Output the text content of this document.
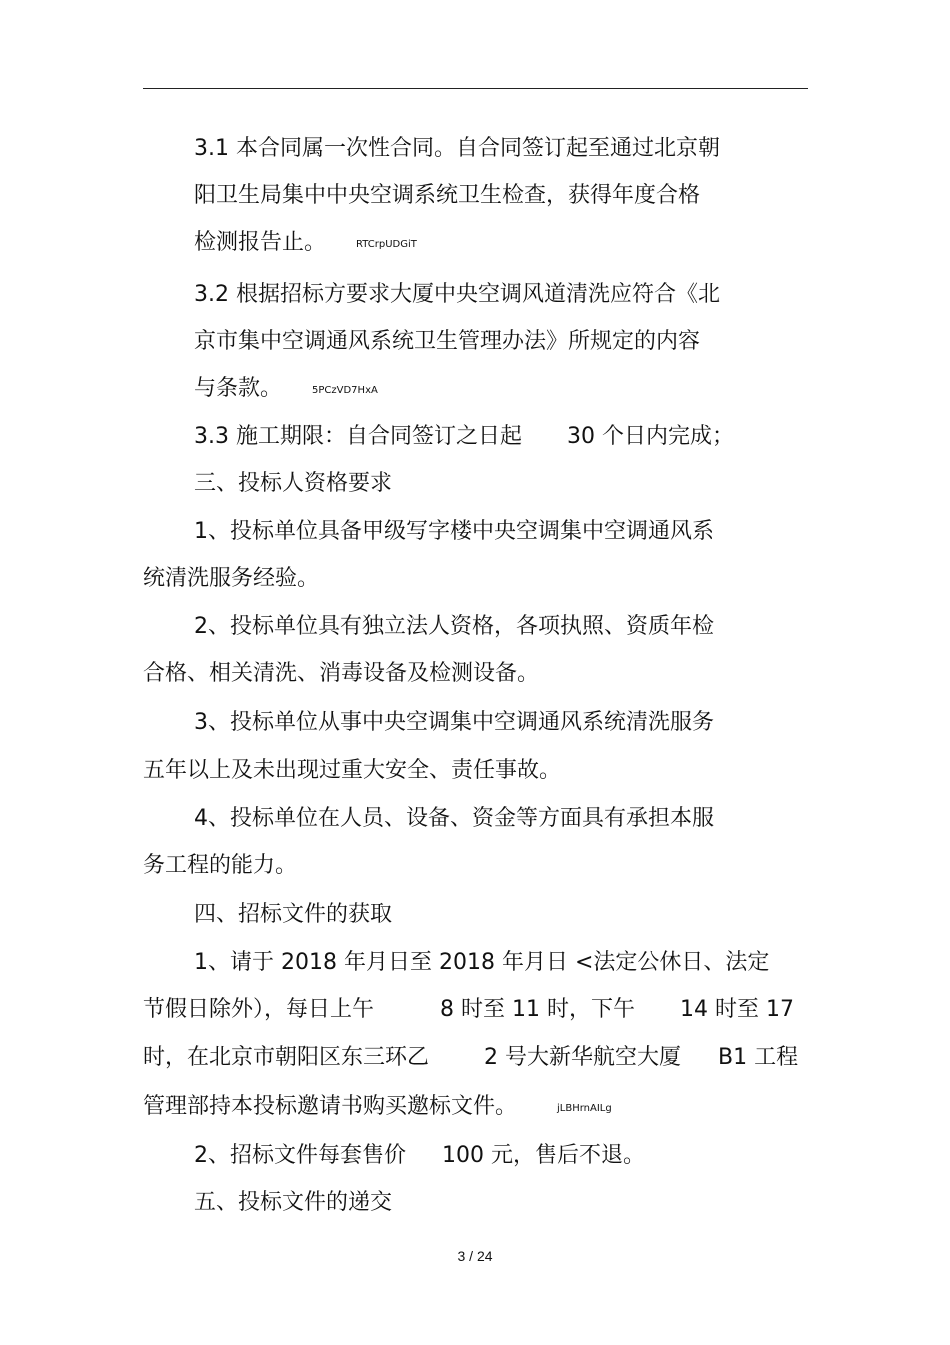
3.1 本合同属一次性合同。自合同签订起至通过北京朝
阳卫生局集中中央空调系统卫生检查，获得年度合格
检测报告止。	RTCrpUDGiT
3.2 根据招标方要求大厦中央空调风道清洗应符合《北
京市集中空调通风系统卫生管理办法》所规定的内容
与条款。	5PCzVD7HxA
3.3 施工期限：自合同签订之日起 30 个日内完成；
三、投标人资格要求
1、投标单位具备甲级写字楼中央空调集中空调通风系
统清洗服务经验。
2、投标单位具有独立法人资格，各项执照、资质年检
合格、相关清洗、消毒设备及检测设备。
3、投标单位从事中央空调集中空调通风系统清洗服务
五年以上及未出现过重大安全、责任事故。
4、投标单位在人员、设备、资金等方面具有承担本服
务工程的能力。
四、招标文件的获取
1、请于 2018 年月日至 2018 年月日 <法定公休日、法定
节假日除外），每日上午	8 时至 11 时，下午 14 时至 17
时，在北京市朝阳区东三环乙 2 号大新华航空大厦 B1 工程
管理部持本投标邀请书购买邀标文件。	jLBHrnAILg
2、招标文件每套售价 100 元，售后不退。
五、投标文件的递交
3 / 24
